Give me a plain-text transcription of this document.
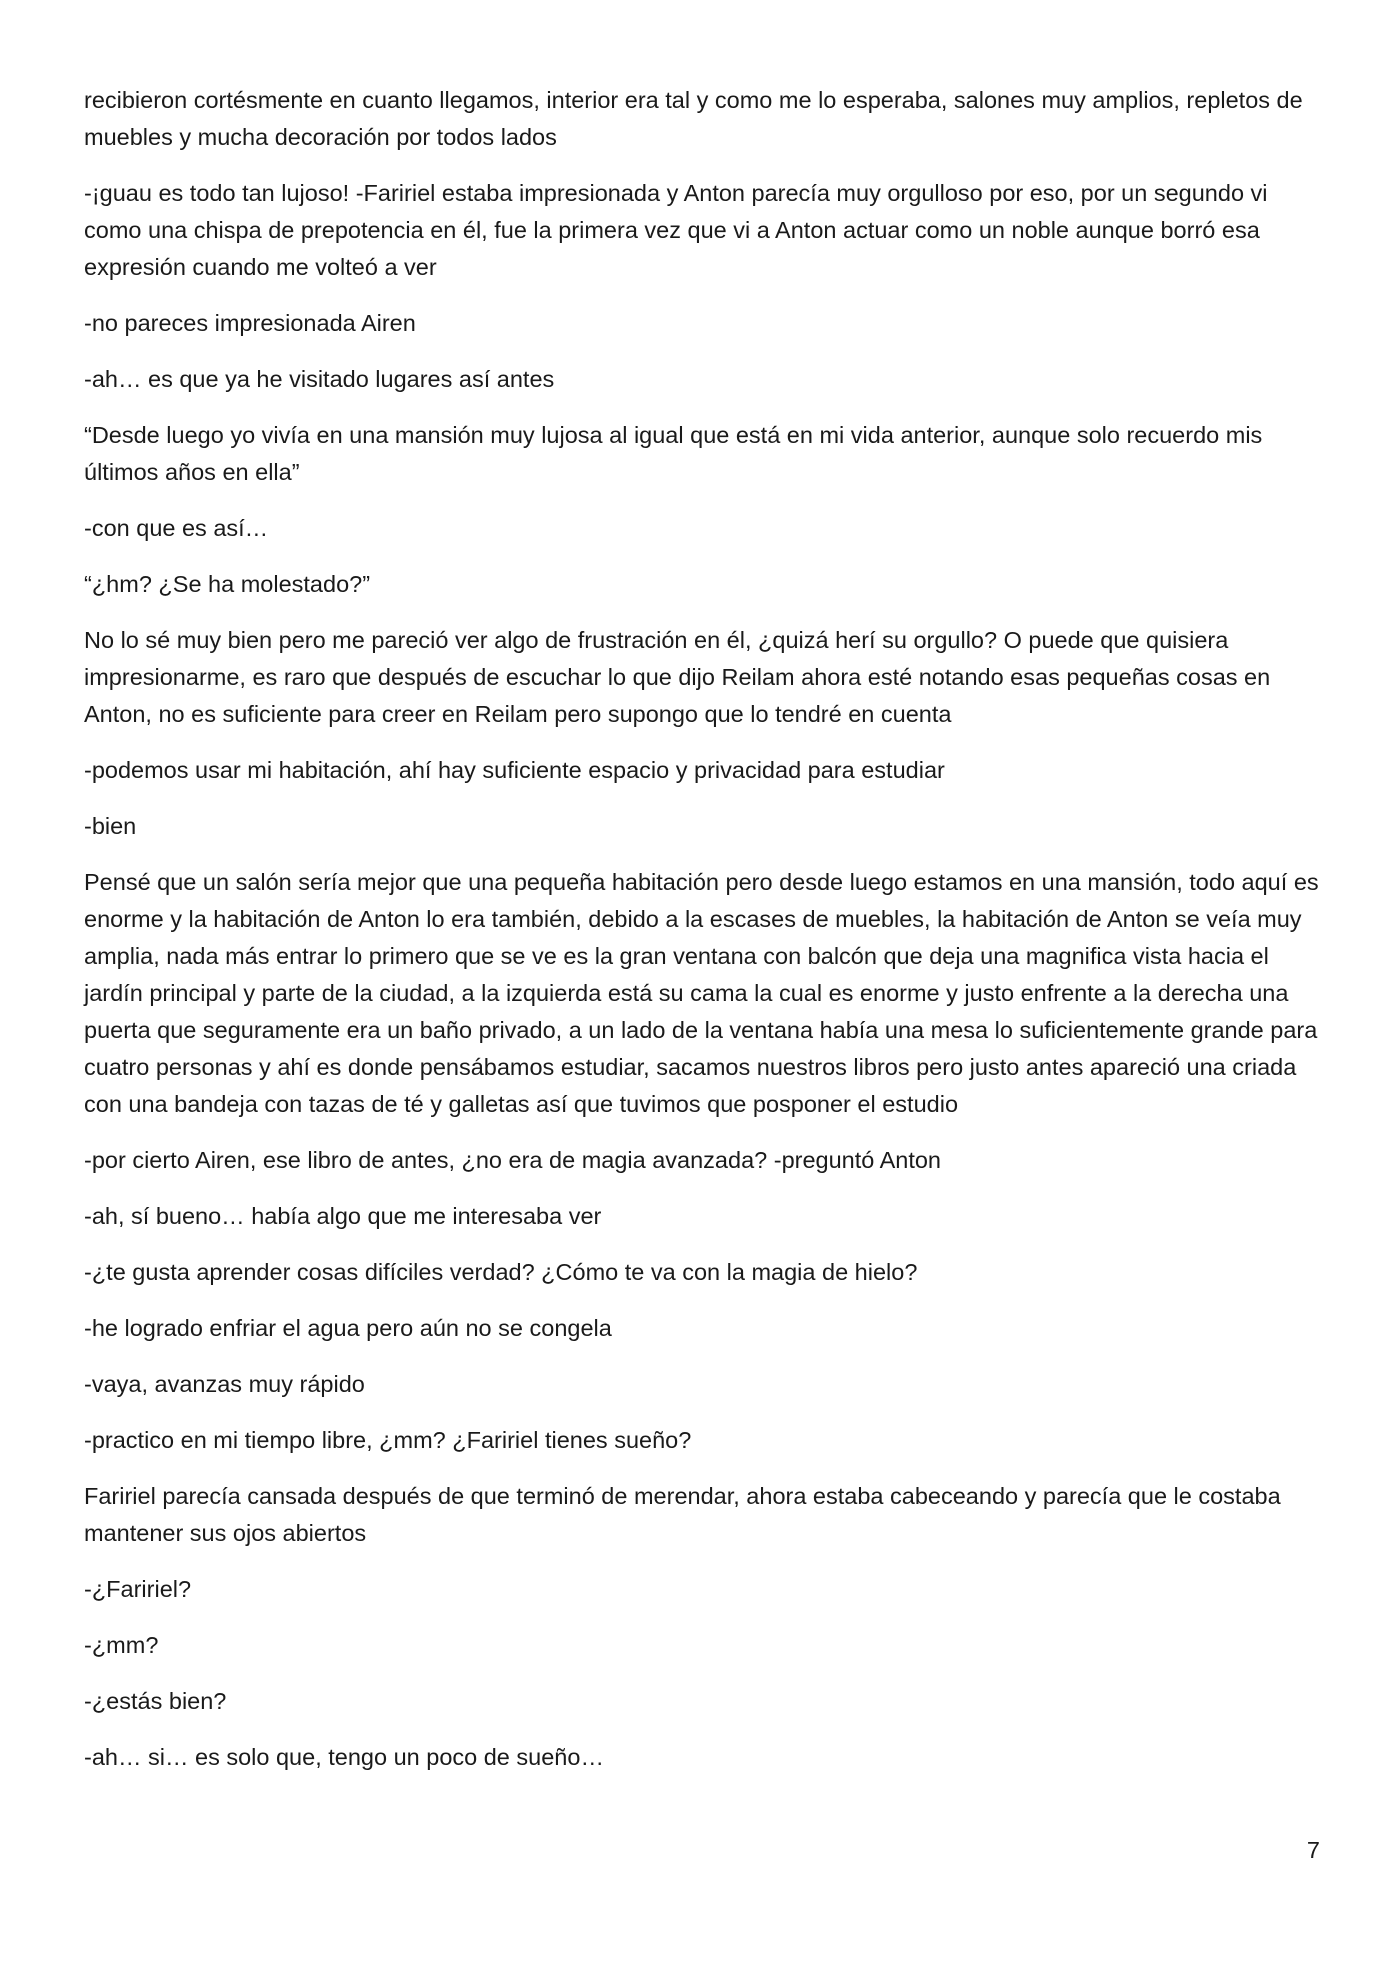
recibieron cortésmente en cuanto llegamos, interior era tal y como me lo esperaba, salones muy amplios, repletos de muebles y mucha decoración por todos lados

-¡guau es todo tan lujoso! -Faririel estaba impresionada y Anton parecía muy orgulloso por eso, por un segundo vi como una chispa de prepotencia en él, fue la primera vez que vi a Anton actuar como un noble aunque borró esa expresión cuando me volteó a ver

-no pareces impresionada Airen

-ah… es que ya he visitado lugares así antes

“Desde luego yo vivía en una mansión muy lujosa al igual que está en mi vida anterior, aunque solo recuerdo mis últimos años en ella”

-con que es así…

“¿hm? ¿Se ha molestado?”

No lo sé muy bien pero me pareció ver algo de frustración en él, ¿quizá herí su orgullo? O puede que quisiera impresionarme, es raro que después de escuchar lo que dijo Reilam ahora esté notando esas pequeñas cosas en Anton, no es suficiente para creer en Reilam pero supongo que lo tendré en cuenta

-podemos usar mi habitación, ahí hay suficiente espacio y privacidad para estudiar

-bien

Pensé que un salón sería mejor que una pequeña habitación pero desde luego estamos en una mansión, todo aquí es enorme y la habitación de Anton lo era también, debido a la escases de muebles, la habitación de Anton se veía muy amplia, nada más entrar lo primero que se ve es la gran ventana con balcón que deja una magnifica vista hacia el jardín principal y parte de la ciudad, a la izquierda está su cama la cual es enorme y justo enfrente a la derecha una puerta que seguramente era un baño privado, a un lado de la ventana había una mesa lo suficientemente grande para cuatro personas y ahí es donde pensábamos estudiar, sacamos nuestros libros pero justo antes apareció una criada con una bandeja con tazas de té y galletas así que tuvimos que posponer el estudio

-por cierto Airen, ese libro de antes, ¿no era de magia avanzada? -preguntó Anton

-ah, sí bueno… había algo que me interesaba ver

-¿te gusta aprender cosas difíciles verdad? ¿Cómo te va con la magia de hielo?

-he logrado enfriar el agua pero aún no se congela

-vaya, avanzas muy rápido

-practico en mi tiempo libre, ¿mm? ¿Faririel tienes sueño?

Faririel parecía cansada después de que terminó de merendar, ahora estaba cabeceando y parecía que le costaba mantener sus ojos abiertos

-¿Faririel?

-¿mm?

-¿estás bien?

-ah… si… es solo que, tengo un poco de sueño…

7
